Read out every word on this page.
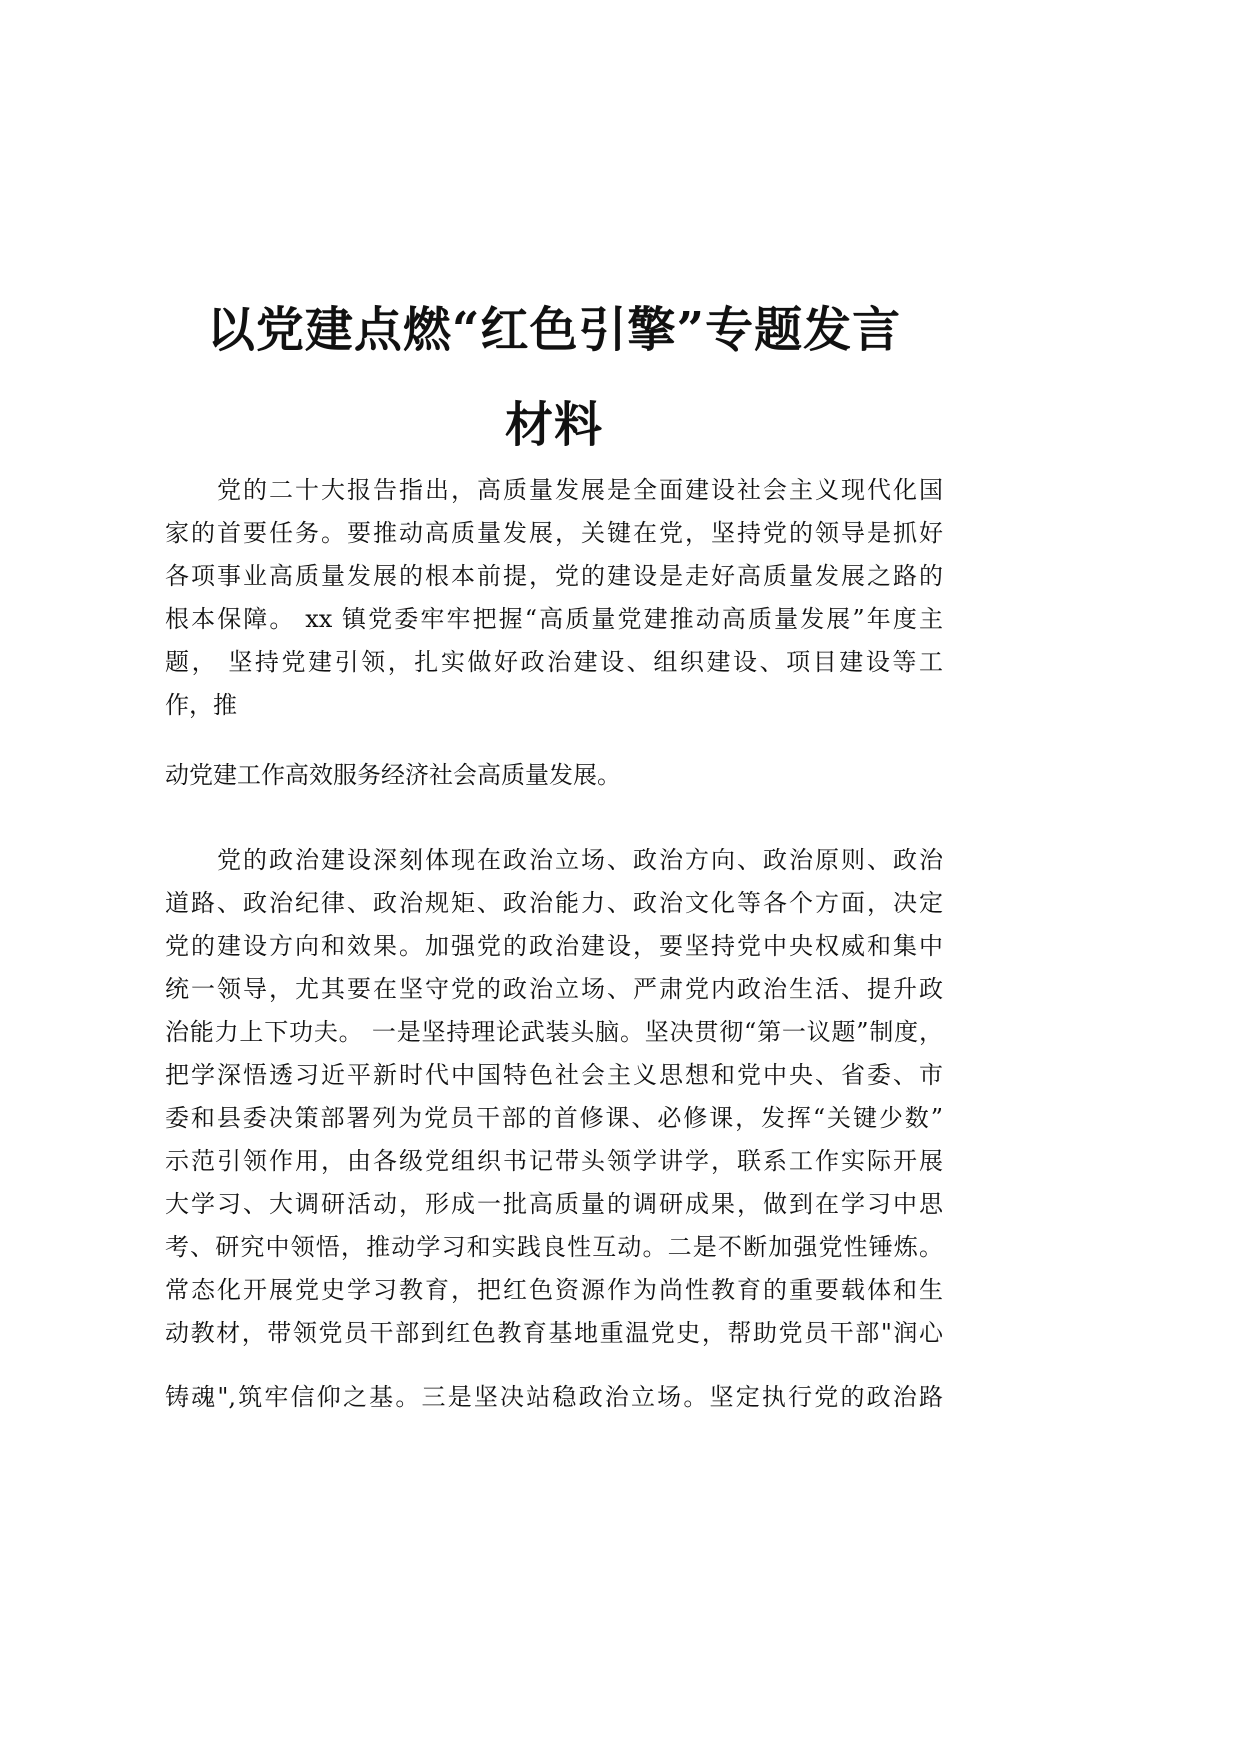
以党建点燃“红色引擎”专题发言
材料
党的二十大报告指出，高质量发展是全面建设社会主义现代化国
家的首要任务。要推动高质量发展，关键在党，坚持党的领导是抓好
各项事业高质量发展的根本前提，党的建设是走好高质量发展之路的
根本保障。 xx 镇党委牢牢把握“高质量党建推动高质量发展”年度主
题， 坚持党建引领，扎实做好政治建设、组织建设、项目建设等工
作，推
动党建工作高效服务经济社会高质量发展。
党的政治建设深刻体现在政治立场、政治方向、政治原则、政治
道路、政治纪律、政治规矩、政治能力、政治文化等各个方面，决定
党的建设方向和效果。加强党的政治建设，要坚持党中央权威和集中
统一领导，尤其要在坚守党的政治立场、严肃党内政治生活、提升政
治能力上下功夫。 一是坚持理论武装头脑。坚决贯彻“第一议题”制度，
把学深悟透习近平新时代中国特色社会主义思想和党中央、省委、市
委和县委决策部署列为党员干部的首修课、必修课，发挥“关键少数”
示范引领作用，由各级党组织书记带头领学讲学，联系工作实际开展
大学习、大调研活动，形成一批高质量的调研成果，做到在学习中思
考、研究中领悟，推动学习和实践良性互动。二是不断加强党性锤炼。
常态化开展党史学习教育，把红色资源作为尚性教育的重要载体和生
动教材，带领党员干部到红色教育基地重温党史，帮助党员干部"润心
铸魂",筑牢信仰之基。三是坚决站稳政治立场。坚定执行党的政治路
